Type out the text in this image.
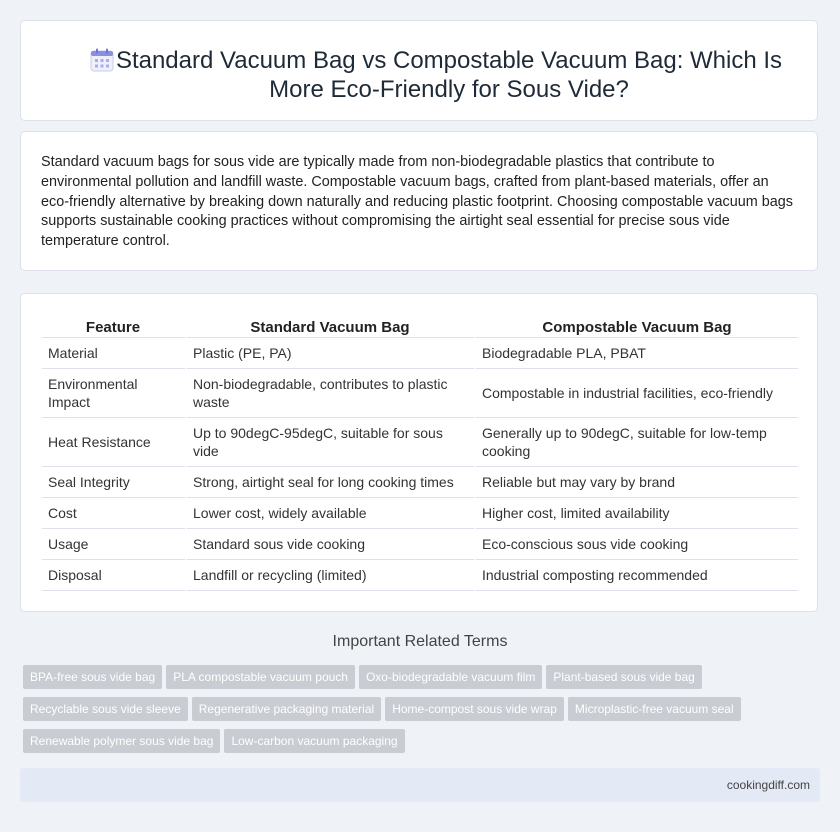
Standard Vacuum Bag vs Compostable Vacuum Bag: Which Is More Eco-Friendly for Sous Vide?

Standard vacuum bags for sous vide are typically made from non-biodegradable plastics that contribute to environmental pollution and landfill waste. Compostable vacuum bags, crafted from plant-based materials, offer an eco-friendly alternative by breaking down naturally and reducing plastic footprint. Choosing compostable vacuum bags supports sustainable cooking practices without compromising the airtight seal essential for precise sous vide temperature control.

Feature	Standard Vacuum Bag	Compostable Vacuum Bag
Material	Plastic (PE, PA)	Biodegradable PLA, PBAT
Environmental Impact	Non-biodegradable, contributes to plastic waste	Compostable in industrial facilities, eco-friendly
Heat Resistance	Up to 90degC-95degC, suitable for sous vide	Generally up to 90degC, suitable for low-temp cooking
Seal Integrity	Strong, airtight seal for long cooking times	Reliable but may vary by brand
Cost	Lower cost, widely available	Higher cost, limited availability
Usage	Standard sous vide cooking	Eco-conscious sous vide cooking
Disposal	Landfill or recycling (limited)	Industrial composting recommended
Important Related Terms
BPA-free sous vide bag PLA compostable vacuum pouch Oxo-biodegradable vacuum film Plant-based sous vide bag
Recyclable sous vide sleeve Regenerative packaging material Home-compost sous vide wrap Microplastic-free vacuum seal
Renewable polymer sous vide bag Low-carbon vacuum packaging
cookingdiff.com
